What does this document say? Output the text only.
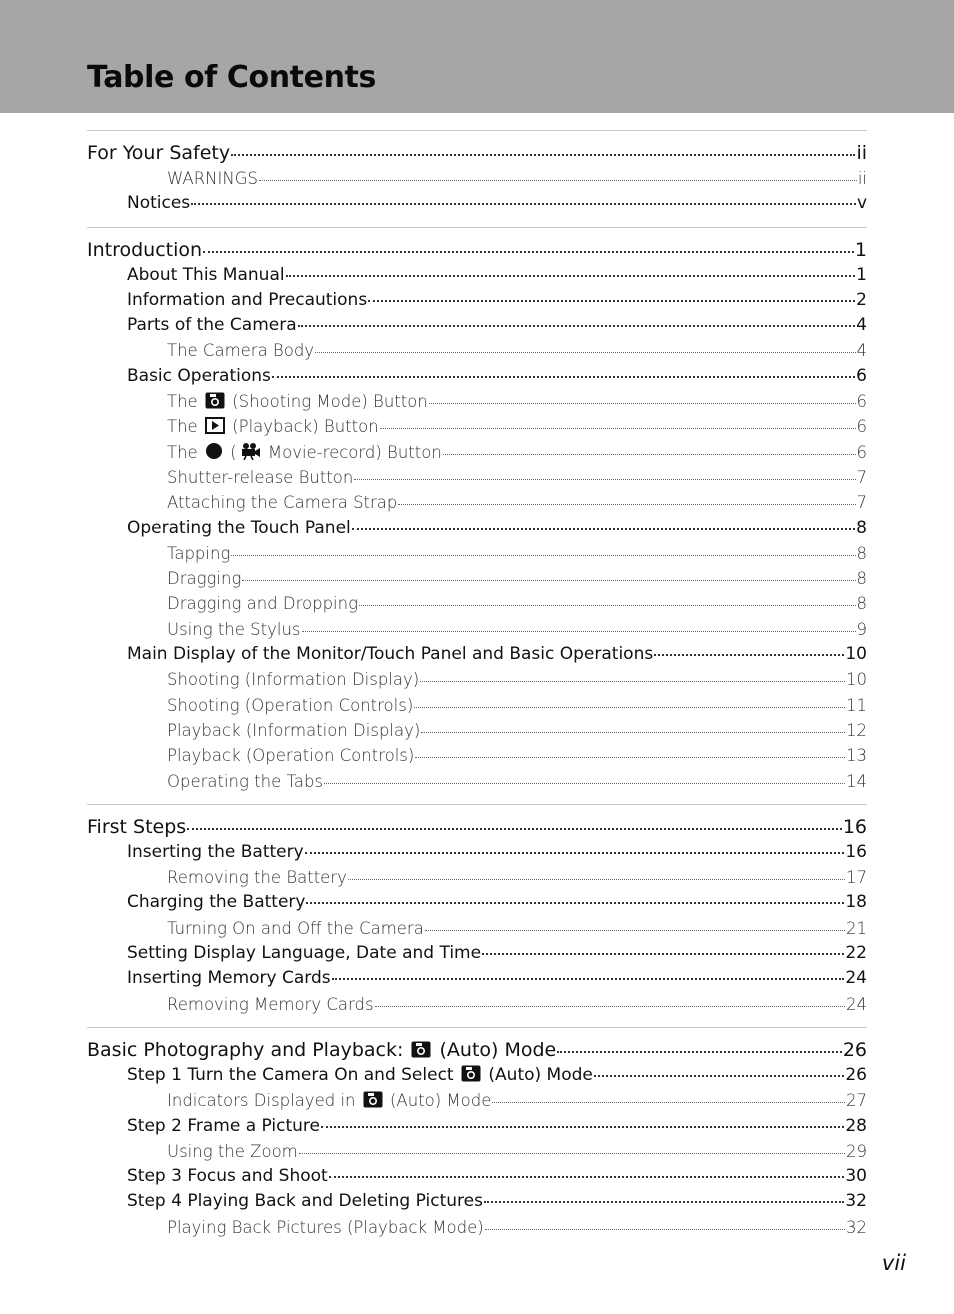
Table of Contents
For Your Safety	ii
WARNINGS	ii
Notices	v
Introduction	1
About This Manual	1
Information and Precautions	2
Parts of the Camera	4
The Camera Body	4
Basic Operations	6
The
(Shooting Mode) Button	6
The
(Playback) Button	6
The
(
Movie-record) Button	6
Shutter-release Button	7
Attaching the Camera Strap	7
Operating the Touch Panel	8
Tapping	8
Dragging	8
Dragging and Dropping	8
Using the Stylus	9
Main Display of the Monitor/Touch Panel and Basic Operations	10
Shooting (Information Display)	10
Shooting (Operation Controls)	11
Playback (Information Display)	12
Playback (Operation Controls)	13
Operating the Tabs	14
First Steps	16
Inserting the Battery	16
Removing the Battery	17
Charging the Battery	18
Turning On and Off the Camera	21
Setting Display Language, Date and Time	22
Inserting Memory Cards	24
Removing Memory Cards	24
Basic Photography and Playback:
(Auto) Mode	26
Step 1 Turn the Camera On and Select
(Auto) Mode	26
Indicators Displayed in
(Auto) Mode	27
Step 2 Frame a Picture	28
Using the Zoom	29
Step 3 Focus and Shoot	30
Step 4 Playing Back and Deleting Pictures	32
Playing Back Pictures (Playback Mode)	32
vii
